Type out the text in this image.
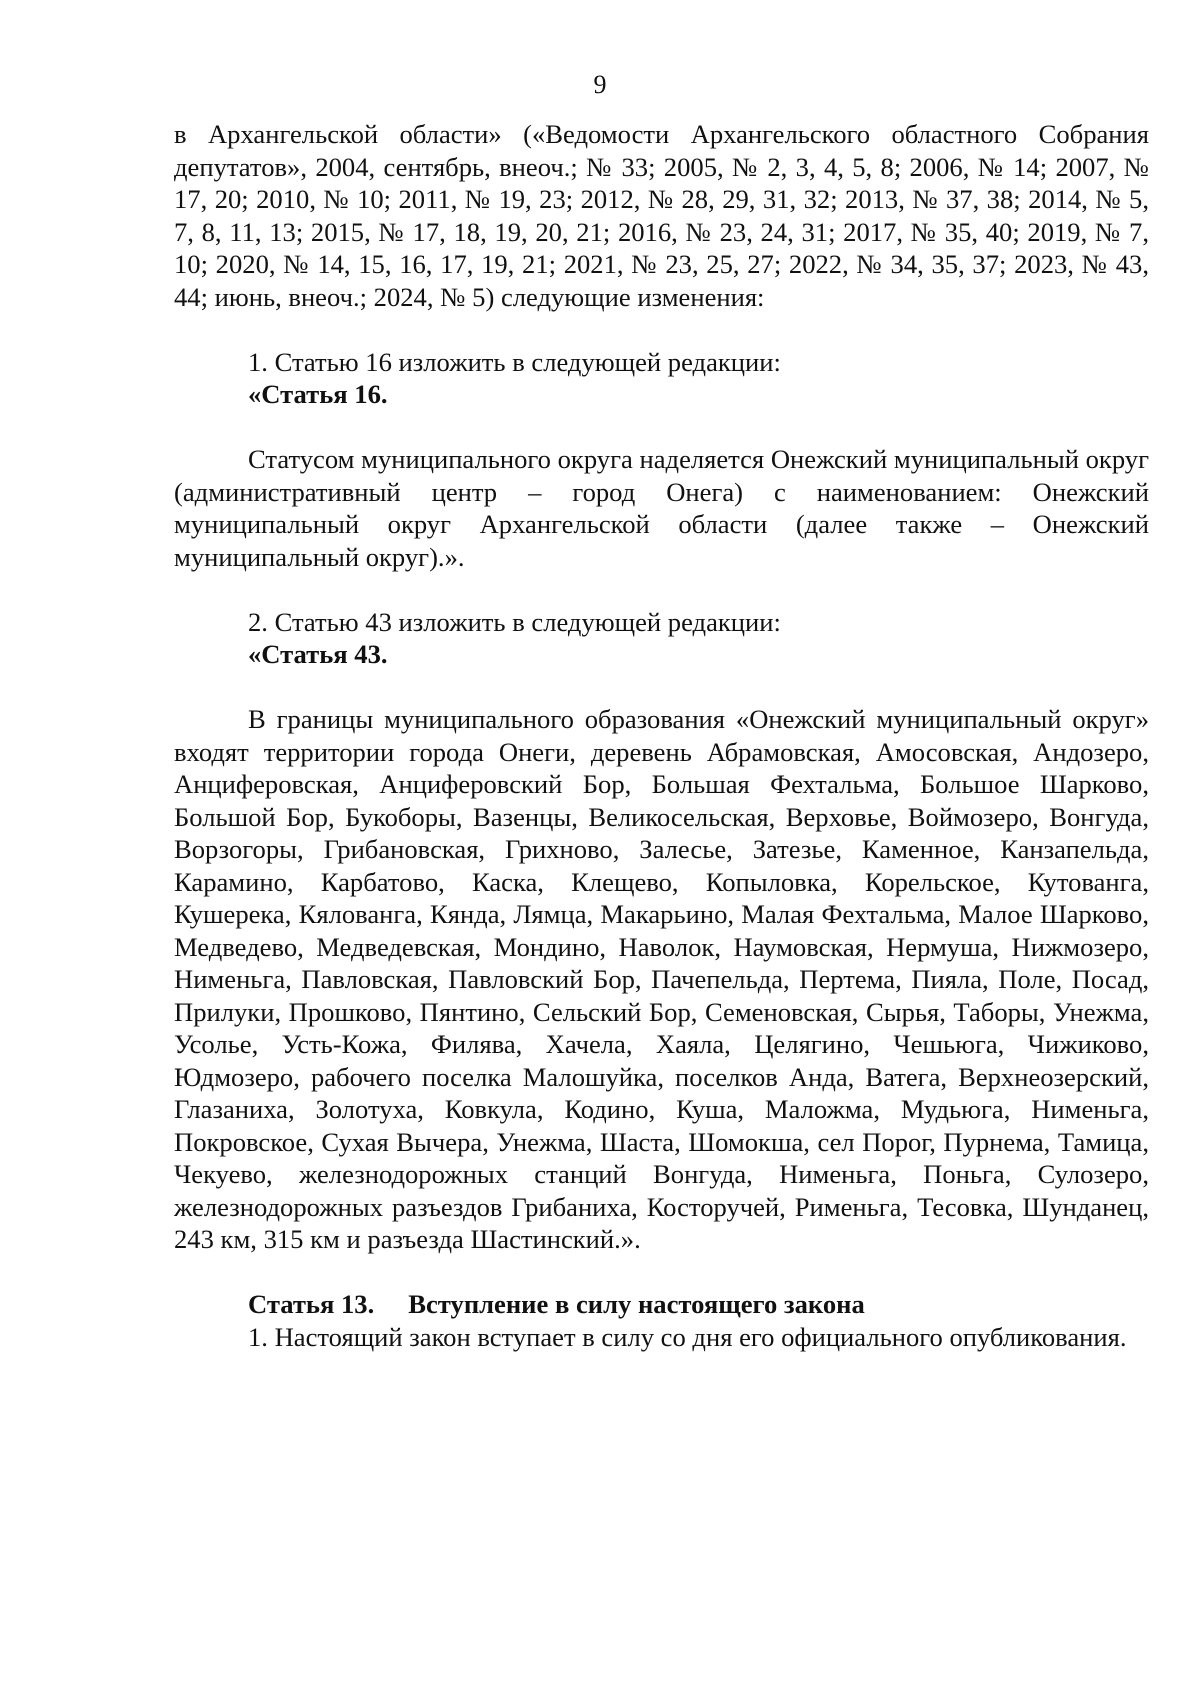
9

в Архангельской области» («Ведомости Архангельского областного Собрания депутатов», 2004, сентябрь, внеоч.; № 33; 2005, № 2, 3, 4, 5, 8; 2006, № 14; 2007, № 17, 20; 2010, № 10; 2011, № 19, 23; 2012, № 28, 29, 31, 32; 2013, № 37, 38; 2014, № 5, 7, 8, 11, 13; 2015, № 17, 18, 19, 20, 21; 2016, № 23, 24, 31; 2017, № 35, 40; 2019, № 7, 10; 2020, № 14, 15, 16, 17, 19, 21; 2021, № 23, 25, 27; 2022, № 34, 35, 37; 2023, № 43, 44; июнь, внеоч.; 2024, № 5) следующие изменения:

1. Статью 16 изложить в следующей редакции:

«Статья 16.

Статусом муниципального округа наделяется Онежский муниципальный округ (административный центр – город Онега) с наименованием: Онежский муниципальный округ Архангельской области (далее также – Онежский муниципальный округ).».

2. Статью 43 изложить в следующей редакции:

«Статья 43.

В границы муниципального образования «Онежский муниципальный округ» входят территории города Онеги, деревень Абрамовская, Амосовская, Андозеро, Анциферовская, Анциферовский Бор, Большая Фехтальма, Большое Шарково, Большой Бор, Букоборы, Вазенцы, Великосельская, Верховье, Воймозеро, Вонгуда, Ворзогоры, Грибановская, Грихново, Залесье, Затезье, Каменное, Канзапельда, Карамино, Карбатово, Каска, Клещево, Копыловка, Корельское, Кутованга, Кушерека, Кялованга, Кянда, Лямца, Макарьино, Малая Фехтальма, Малое Шарково, Медведево, Медведевская, Мондино, Наволок, Наумовская, Нермуша, Нижмозеро, Нименьга, Павловская, Павловский Бор, Пачепельда, Пертема, Пияла, Поле, Посад, Прилуки, Прошково, Пянтино, Сельский Бор, Семеновская, Сырья, Таборы, Унежма, Усолье, Усть-Кожа, Филява, Хачела, Хаяла, Целягино, Чешьюга, Чижиково, Юдмозеро, рабочего поселка Малошуйка, поселков Анда, Ватега, Верхнеозерский, Глазаниха, Золотуха, Ковкула, Кодино, Куша, Маложма, Мудьюга, Нименьга, Покровское, Сухая Вычера, Унежма, Шаста, Шомокша, сел Порог, Пурнема, Тамица, Чекуево, железнодорожных станций Вонгуда, Нименьга, Поньга, Сулозеро, железнодорожных разъездов Грибаниха, Косторучей, Рименьга, Тесовка, Шунданец, 243 км, 315 км и разъезда Шастинский.».

Статья 13. Вступление в силу настоящего закона

1. Настоящий закон вступает в силу со дня его официального опубликования.
